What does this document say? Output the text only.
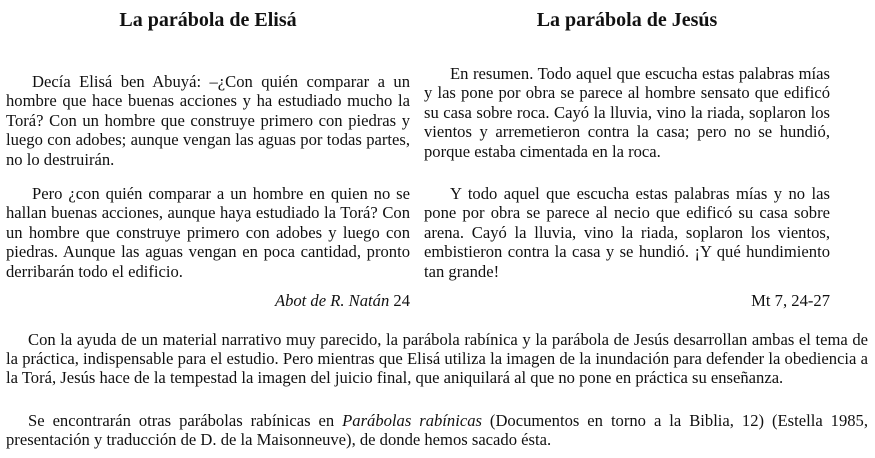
La parábola de Elisá

Decía Elisá ben Abuyá: –¿Con quién comparar a un hombre que hace buenas acciones y ha estudiado mucho la Torá? Con un hombre que construye primero con piedras y luego con adobes; aunque vengan las aguas por todas partes, no lo destruirán.

Pero ¿con quién comparar a un hombre en quien no se hallan buenas acciones, aunque haya estudiado la Torá? Con un hombre que construye primero con adobes y luego con piedras. Aunque las aguas vengan en poca cantidad, pronto derribarán todo el edificio.

Abot de R. Natán 24

La parábola de Jesús

En resumen. Todo aquel que escucha estas palabras mías y las pone por obra se parece al hombre sensato que edificó su casa sobre roca. Cayó la lluvia, vino la riada, soplaron los vientos y arremetieron contra la casa; pero no se hundió, porque estaba cimentada en la roca.

Y todo aquel que escucha estas palabras mías y no las pone por obra se parece al necio que edificó su casa sobre arena. Cayó la lluvia, vino la riada, soplaron los vientos, embistieron contra la casa y se hundió. ¡Y qué hundimiento tan grande!

Mt 7, 24-27

Con la ayuda de un material narrativo muy parecido, la parábola rabínica y la parábola de Jesús desarrollan ambas el tema de la práctica, indispensable para el estudio. Pero mientras que Elisá utiliza la imagen de la inundación para defender la obediencia a la Torá, Jesús hace de la tempestad la imagen del juicio final, que aniquilará al que no pone en práctica su enseñanza.

Se encontrarán otras parábolas rabínicas en Parábolas rabínicas (Documentos en torno a la Biblia, 12) (Estella 1985, presentación y traducción de D. de la Maisonneuve), de donde hemos sacado ésta.
